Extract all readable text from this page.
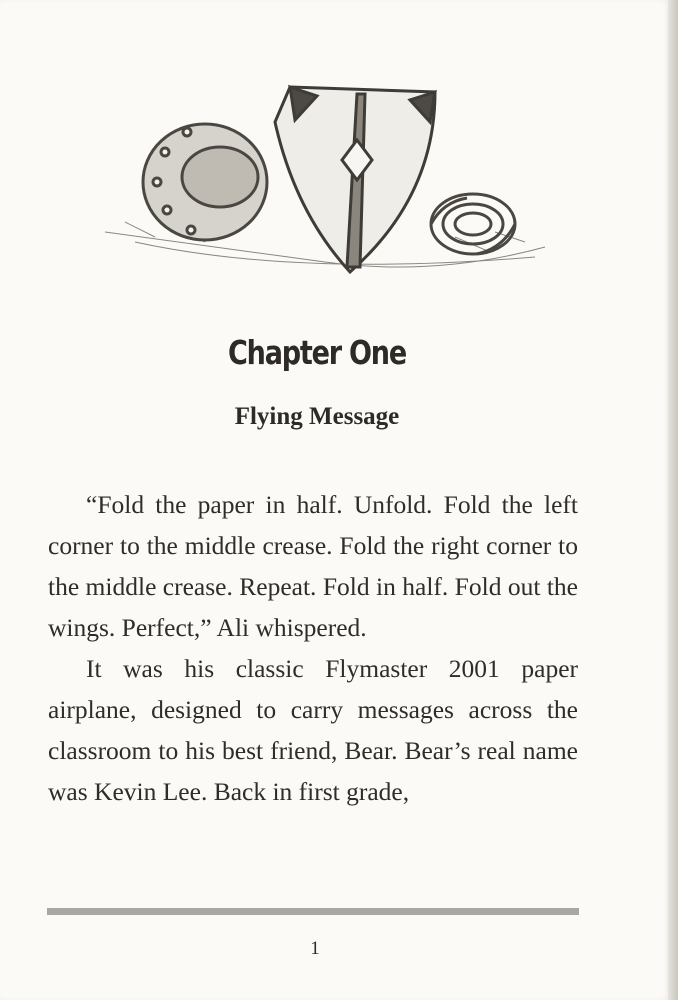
Chapter One
Flying Message

“Fold the paper in half. Unfold. Fold the left corner to the middle crease. Fold the right corner to the middle crease. Repeat. Fold in half. Fold out the wings. Perfect,” Ali whispered.

It was his classic Flymaster 2001 paper airplane, designed to carry messages across the classroom to his best friend, Bear. Bear’s real name was Kevin Lee. Back in first grade,

1
